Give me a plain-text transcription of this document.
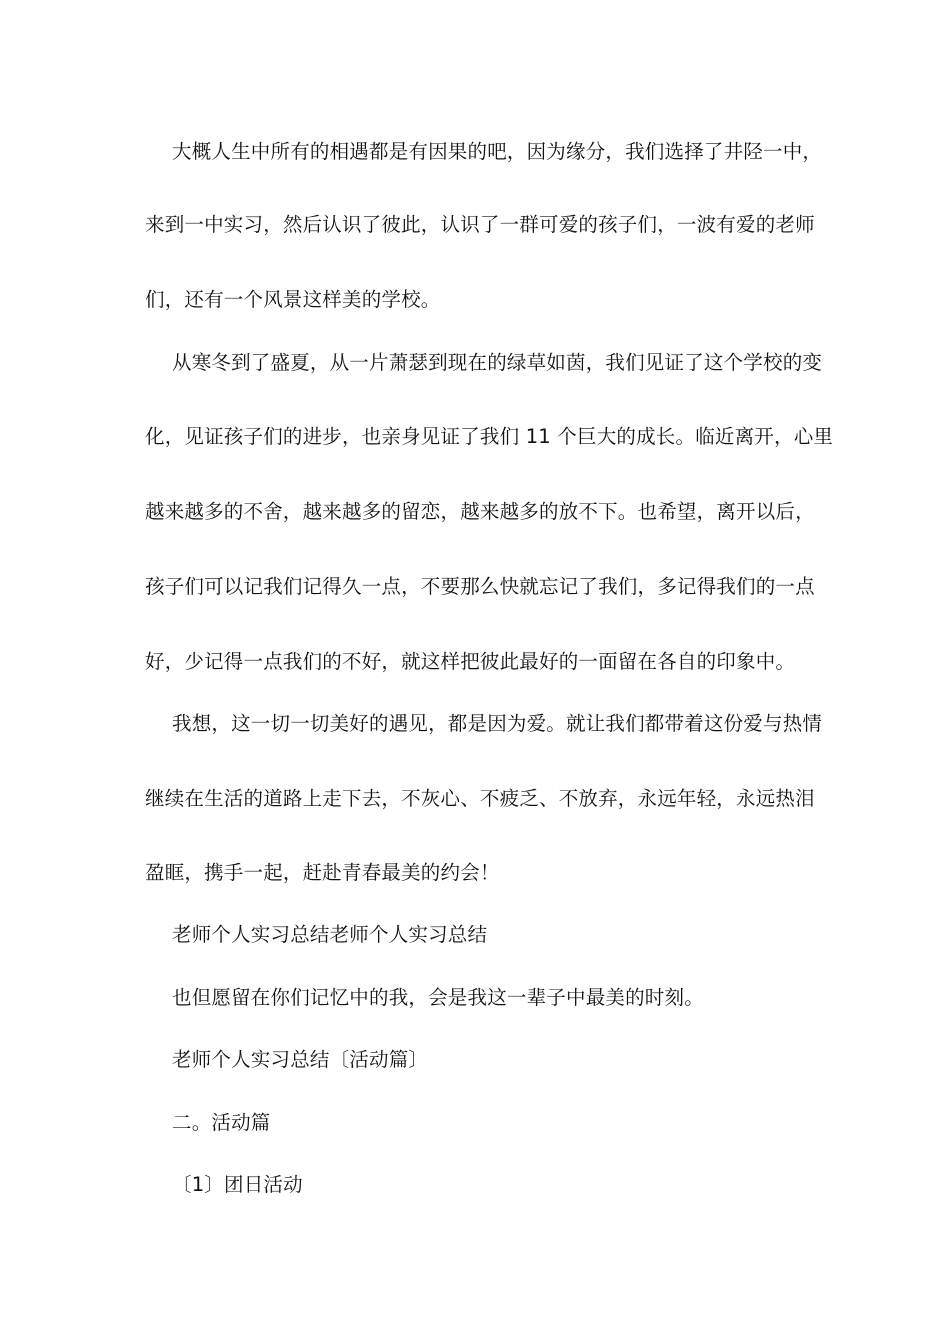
大概人生中所有的相遇都是有因果的吧，因为缘分，我们选择了井陉一中，
来到一中实习，然后认识了彼此，认识了一群可爱的孩子们，一波有爱的老师
们，还有一个风景这样美的学校。
从寒冬到了盛夏，从一片萧瑟到现在的绿草如茵，我们见证了这个学校的变
化，见证孩子们的进步，也亲身见证了我们 11 个巨大的成长。临近离开，心里
越来越多的不舍，越来越多的留恋，越来越多的放不下。也希望，离开以后，
孩子们可以记我们记得久一点，不要那么快就忘记了我们，多记得我们的一点
好，少记得一点我们的不好，就这样把彼此最好的一面留在各自的印象中。
我想，这一切一切美好的遇见，都是因为爱。就让我们都带着这份爱与热情
继续在生活的道路上走下去，不灰心、不疲乏、不放弃，永远年轻，永远热泪
盈眶，携手一起，赶赴青春最美的约会！
老师个人实习总结老师个人实习总结
也但愿留在你们记忆中的我，会是我这一辈子中最美的时刻。
老师个人实习总结〔活动篇〕
二。活动篇
〔1〕团日活动
